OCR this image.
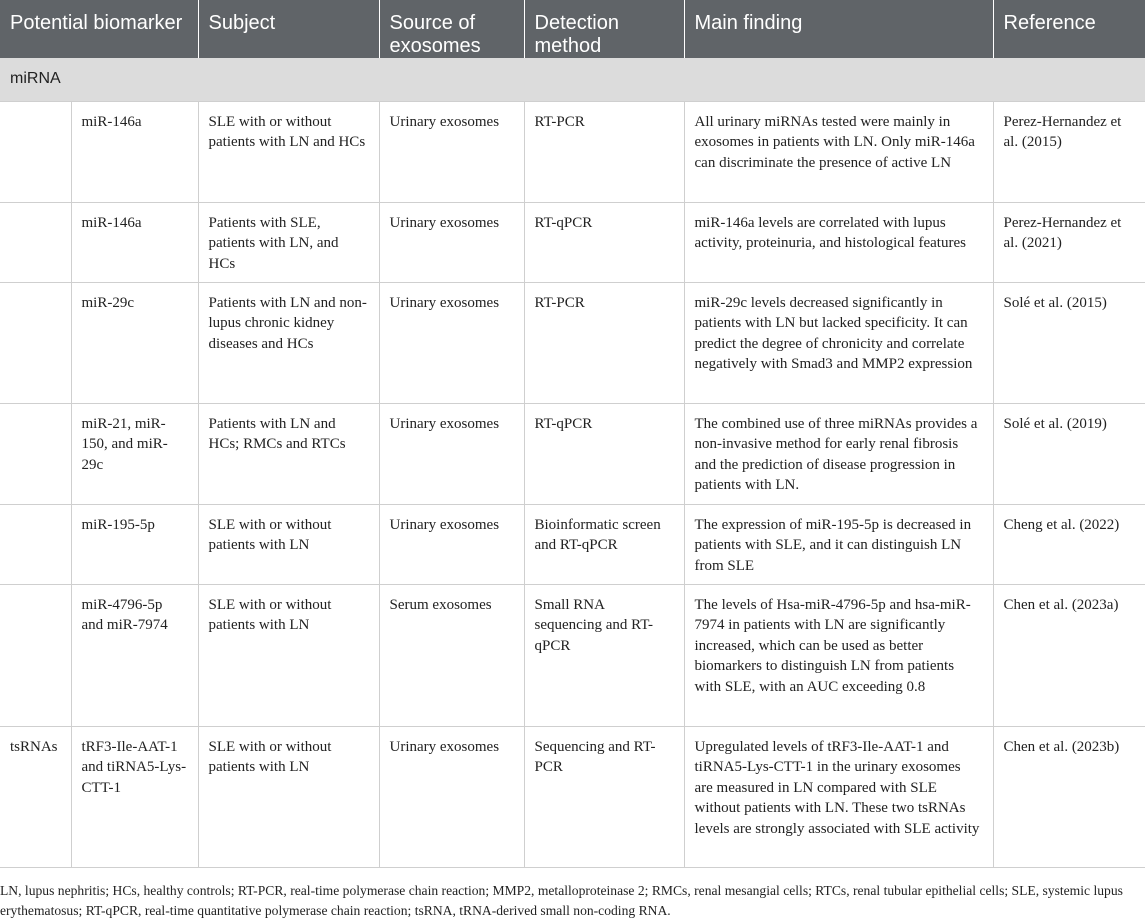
Potential biomarker		Subject	Source of exosomes	Detection method	Main finding	Reference
miRNA						
	miR-146a	SLE with or without patients with LN and HCs	Urinary exosomes	RT-PCR	All urinary miRNAs tested were mainly in exosomes in patients with LN. Only miR-146a can discriminate the presence of active LN	Perez-Hernandez et al. (2015)
	miR-146a	Patients with SLE, patients with LN, and HCs	Urinary exosomes	RT-qPCR	miR-146a levels are correlated with lupus activity, proteinuria, and histological features	Perez-Hernandez et al. (2021)
	miR-29c	Patients with LN and non-lupus chronic kidney diseases and HCs	Urinary exosomes	RT-PCR	miR-29c levels decreased significantly in patients with LN but lacked specificity. It can predict the degree of chronicity and correlate negatively with Smad3 and MMP2 expression	Solé et al. (2015)
	miR-21, miR-150, and miR-29c	Patients with LN and HCs; RMCs and RTCs	Urinary exosomes	RT-qPCR	The combined use of three miRNAs provides a non-invasive method for early renal fibrosis and the prediction of disease progression in patients with LN.	Solé et al. (2019)
	miR-195-5p	SLE with or without patients with LN	Urinary exosomes	Bioinformatic screen and RT-qPCR	The expression of miR-195-5p is decreased in patients with SLE, and it can distinguish LN from SLE	Cheng et al. (2022)
	miR-4796-5p and miR-7974	SLE with or without patients with LN	Serum exosomes	Small RNA sequencing and RT-qPCR	The levels of Hsa-miR-4796-5p and hsa-miR-7974 in patients with LN are significantly increased, which can be used as better biomarkers to distinguish LN from patients with SLE, with an AUC exceeding 0.8	Chen et al. (2023a)
tsRNAs	tRF3-Ile-AAT-1 and tiRNA5-Lys-CTT-1	SLE with or without patients with LN	Urinary exosomes	Sequencing and RT-PCR	Upregulated levels of tRF3-Ile-AAT-1 and tiRNA5-Lys-CTT-1 in the urinary exosomes are measured in LN compared with SLE without patients with LN. These two tsRNAs levels are strongly associated with SLE activity	Chen et al. (2023b)
LN, lupus nephritis; HCs, healthy controls; RT-PCR, real-time polymerase chain reaction; MMP2, metalloproteinase 2; RMCs, renal mesangial cells; RTCs, renal tubular epithelial cells; SLE, systemic lupus erythematosus; RT-qPCR, real-time quantitative polymerase chain reaction; tsRNA, tRNA-derived small non-coding RNA.
